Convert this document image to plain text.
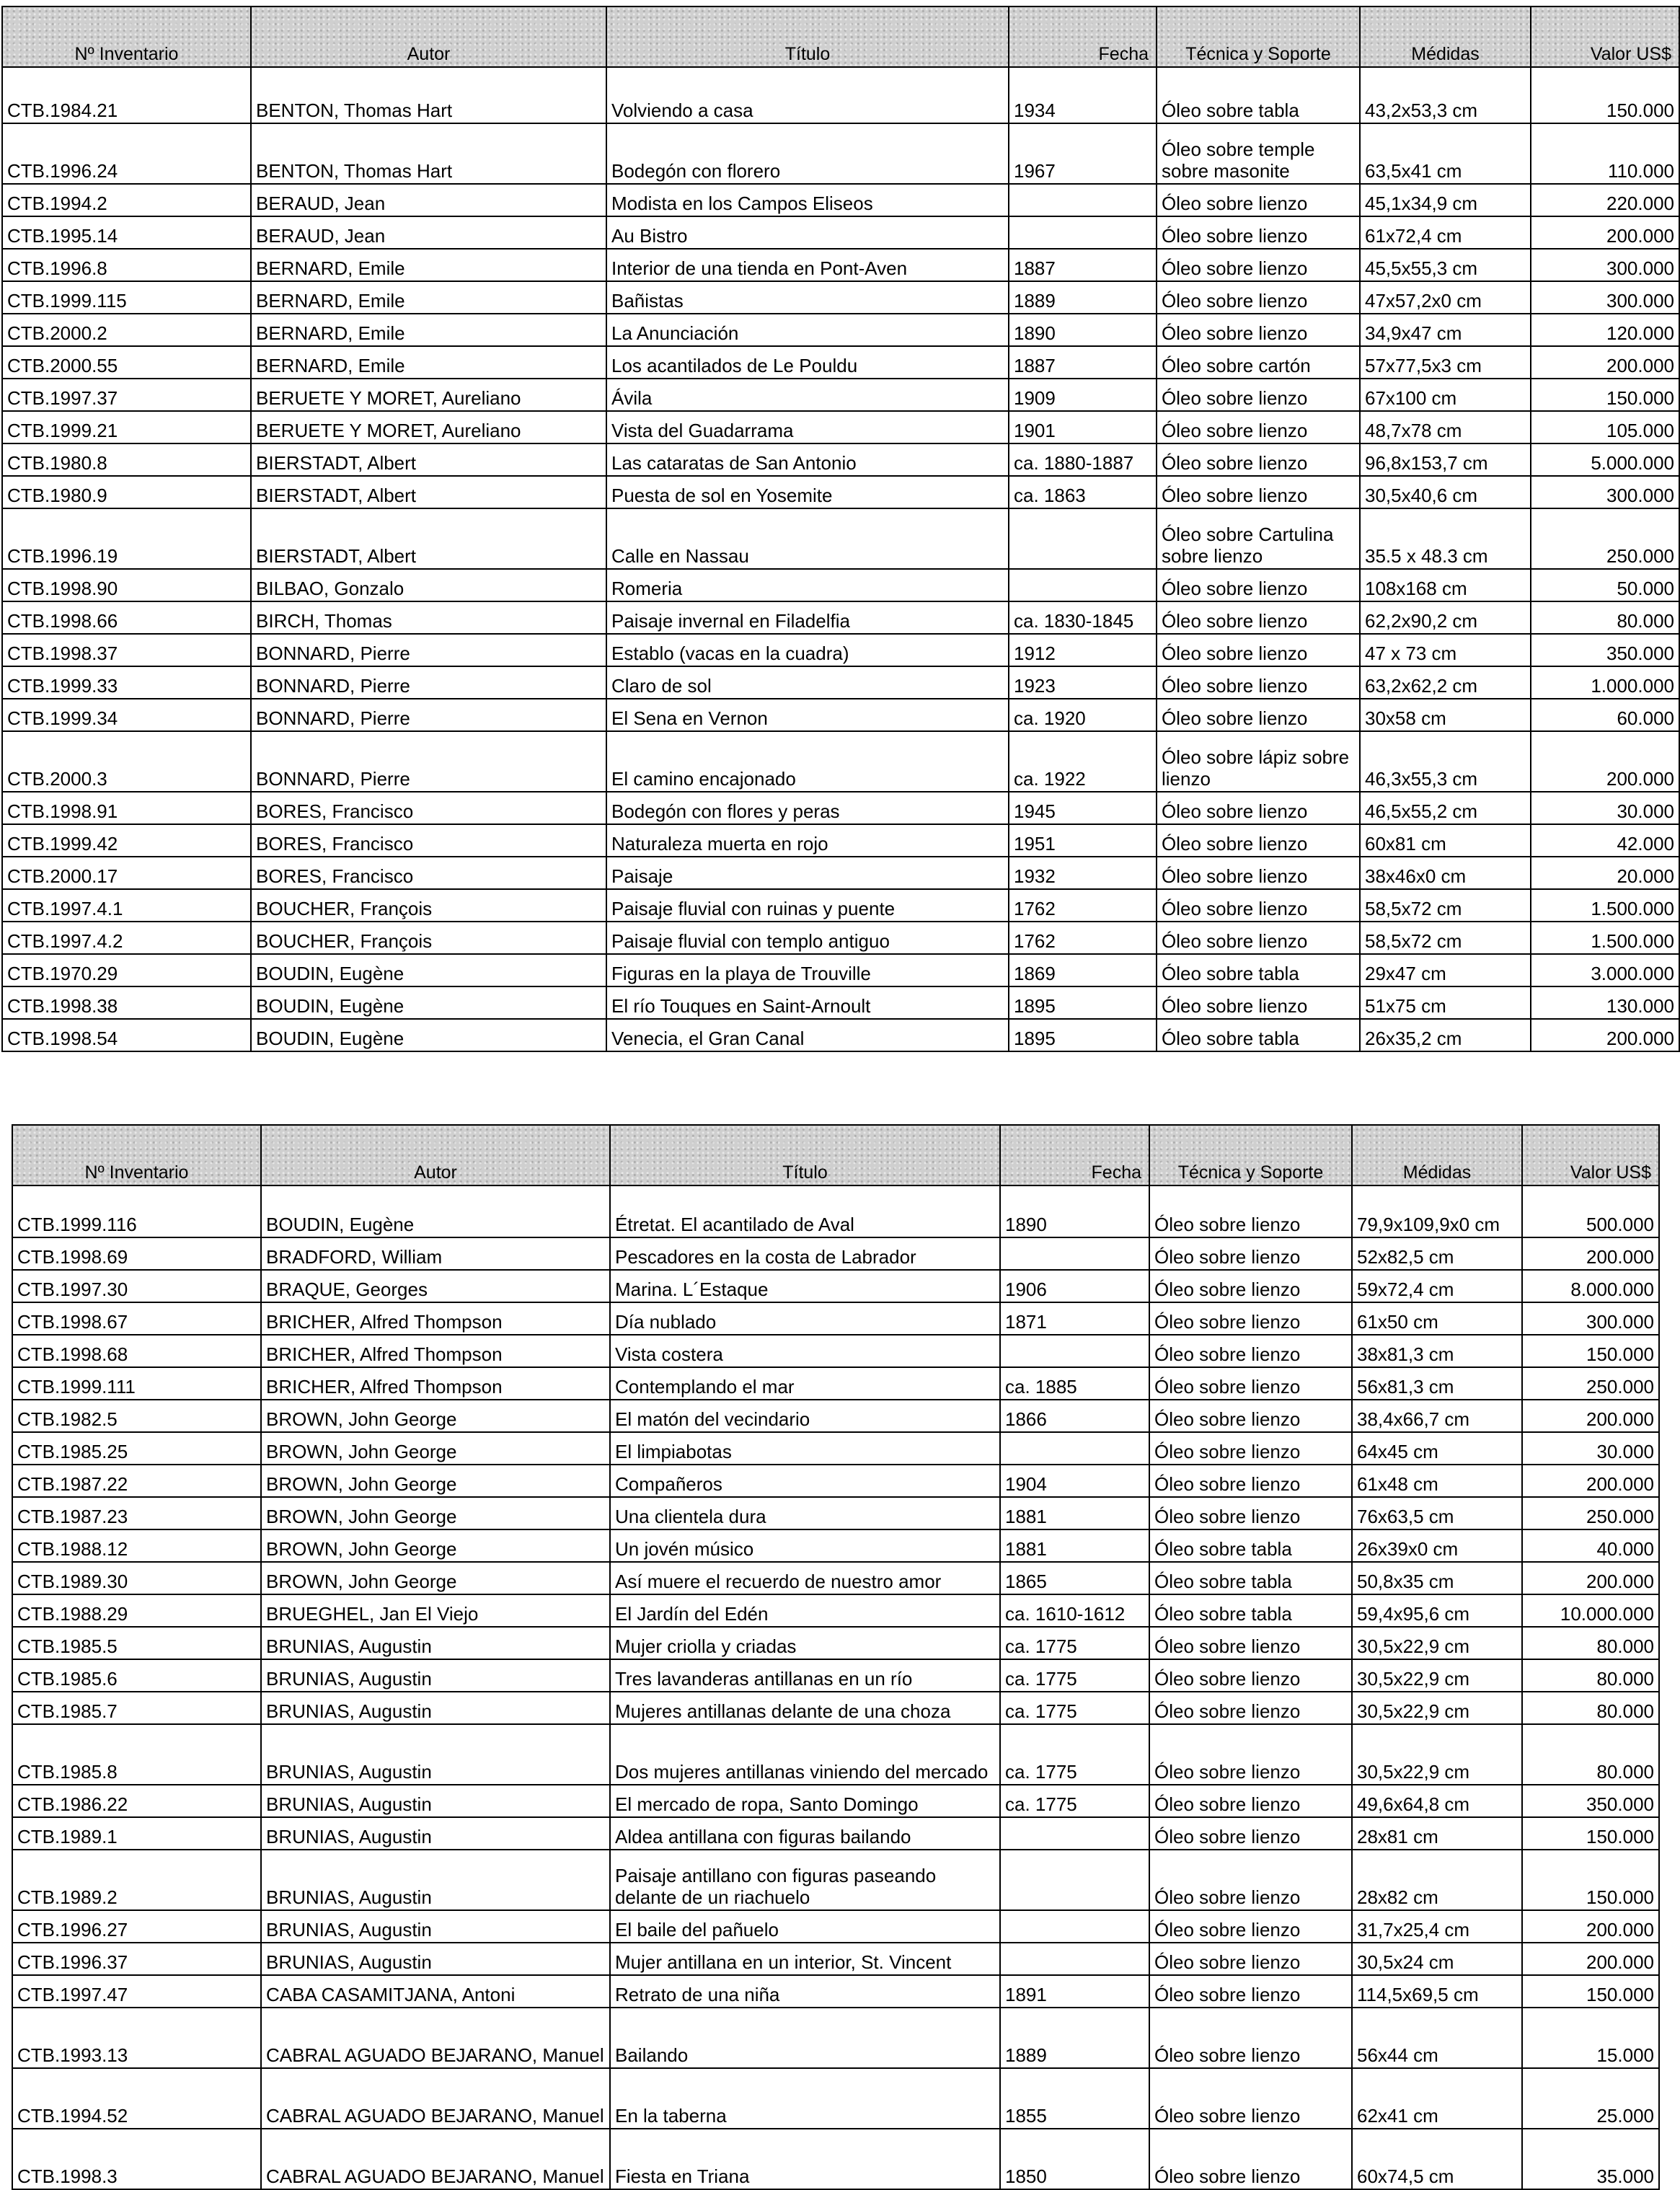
Nº Inventario	Autor	Título	Fecha	Técnica y Soporte	Médidas	Valor US$
CTB.1984.21	BENTON, Thomas Hart	Volviendo a casa	1934	Óleo sobre tabla	43,2x53,3 cm	150.000
CTB.1996.24	BENTON, Thomas Hart	Bodegón con florero	1967	Óleo sobre temple sobre masonite	63,5x41 cm	110.000
CTB.1994.2	BERAUD, Jean	Modista en los Campos Eliseos		Óleo sobre lienzo	45,1x34,9 cm	220.000
CTB.1995.14	BERAUD, Jean	Au Bistro		Óleo sobre lienzo	61x72,4 cm	200.000
CTB.1996.8	BERNARD, Emile	Interior de una tienda en Pont-Aven	1887	Óleo sobre lienzo	45,5x55,3 cm	300.000
CTB.1999.115	BERNARD, Emile	Bañistas	1889	Óleo sobre lienzo	47x57,2x0 cm	300.000
CTB.2000.2	BERNARD, Emile	La Anunciación	1890	Óleo sobre lienzo	34,9x47 cm	120.000
CTB.2000.55	BERNARD, Emile	Los acantilados de Le Pouldu	1887	Óleo sobre cartón	57x77,5x3 cm	200.000
CTB.1997.37	BERUETE Y MORET, Aureliano	Ávila	1909	Óleo sobre lienzo	67x100 cm	150.000
CTB.1999.21	BERUETE Y MORET, Aureliano	Vista del Guadarrama	1901	Óleo sobre lienzo	48,7x78 cm	105.000
CTB.1980.8	BIERSTADT, Albert	Las cataratas de San Antonio	ca. 1880-1887	Óleo sobre lienzo	96,8x153,7 cm	5.000.000
CTB.1980.9	BIERSTADT, Albert	Puesta de sol en Yosemite	ca. 1863	Óleo sobre lienzo	30,5x40,6 cm	300.000
CTB.1996.19	BIERSTADT, Albert	Calle en Nassau		Óleo sobre Cartulina sobre lienzo	35.5 x 48.3 cm	250.000
CTB.1998.90	BILBAO, Gonzalo	Romeria		Óleo sobre lienzo	108x168 cm	50.000
CTB.1998.66	BIRCH, Thomas	Paisaje invernal en Filadelfia	ca. 1830-1845	Óleo sobre lienzo	62,2x90,2 cm	80.000
CTB.1998.37	BONNARD, Pierre	Establo (vacas en la cuadra)	1912	Óleo sobre lienzo	47 x 73 cm	350.000
CTB.1999.33	BONNARD, Pierre	Claro de sol	1923	Óleo sobre lienzo	63,2x62,2 cm	1.000.000
CTB.1999.34	BONNARD, Pierre	El Sena en Vernon	ca. 1920	Óleo sobre lienzo	30x58 cm	60.000
CTB.2000.3	BONNARD, Pierre	El camino encajonado	ca. 1922	Óleo sobre lápiz sobre lienzo	46,3x55,3 cm	200.000
CTB.1998.91	BORES, Francisco	Bodegón con flores y peras	1945	Óleo sobre lienzo	46,5x55,2 cm	30.000
CTB.1999.42	BORES, Francisco	Naturaleza muerta en rojo	1951	Óleo sobre lienzo	60x81 cm	42.000
CTB.2000.17	BORES, Francisco	Paisaje	1932	Óleo sobre lienzo	38x46x0 cm	20.000
CTB.1997.4.1	BOUCHER, François	Paisaje fluvial con ruinas y puente	1762	Óleo sobre lienzo	58,5x72 cm	1.500.000
CTB.1997.4.2	BOUCHER, François	Paisaje fluvial con templo antiguo	1762	Óleo sobre lienzo	58,5x72 cm	1.500.000
CTB.1970.29	BOUDIN, Eugène	Figuras en la playa de Trouville	1869	Óleo sobre tabla	29x47 cm	3.000.000
CTB.1998.38	BOUDIN, Eugène	El río Touques en Saint-Arnoult	1895	Óleo sobre lienzo	51x75 cm	130.000
CTB.1998.54	BOUDIN, Eugène	Venecia, el Gran Canal	1895	Óleo sobre tabla	26x35,2 cm	200.000
Nº Inventario	Autor	Título	Fecha	Técnica y Soporte	Médidas	Valor US$
CTB.1999.116	BOUDIN, Eugène	Étretat. El acantilado de Aval	1890	Óleo sobre lienzo	79,9x109,9x0 cm	500.000
CTB.1998.69	BRADFORD, William	Pescadores en la costa de Labrador		Óleo sobre lienzo	52x82,5 cm	200.000
CTB.1997.30	BRAQUE, Georges	Marina. L´Estaque	1906	Óleo sobre lienzo	59x72,4 cm	8.000.000
CTB.1998.67	BRICHER, Alfred Thompson	Día nublado	1871	Óleo sobre lienzo	61x50 cm	300.000
CTB.1998.68	BRICHER, Alfred Thompson	Vista costera		Óleo sobre lienzo	38x81,3 cm	150.000
CTB.1999.111	BRICHER, Alfred Thompson	Contemplando el mar	ca. 1885	Óleo sobre lienzo	56x81,3 cm	250.000
CTB.1982.5	BROWN, John George	El matón del vecindario	1866	Óleo sobre lienzo	38,4x66,7 cm	200.000
CTB.1985.25	BROWN, John George	El limpiabotas		Óleo sobre lienzo	64x45 cm	30.000
CTB.1987.22	BROWN, John George	Compañeros	1904	Óleo sobre lienzo	61x48 cm	200.000
CTB.1987.23	BROWN, John George	Una clientela dura	1881	Óleo sobre lienzo	76x63,5 cm	250.000
CTB.1988.12	BROWN, John George	Un jovén músico	1881	Óleo sobre tabla	26x39x0 cm	40.000
CTB.1989.30	BROWN, John George	Así muere el recuerdo de nuestro amor	1865	Óleo sobre tabla	50,8x35 cm	200.000
CTB.1988.29	BRUEGHEL, Jan El Viejo	El Jardín del Edén	ca. 1610-1612	Óleo sobre tabla	59,4x95,6 cm	10.000.000
CTB.1985.5	BRUNIAS, Augustin	Mujer criolla y criadas	ca. 1775	Óleo sobre lienzo	30,5x22,9 cm	80.000
CTB.1985.6	BRUNIAS, Augustin	Tres lavanderas antillanas en un río	ca. 1775	Óleo sobre lienzo	30,5x22,9 cm	80.000
CTB.1985.7	BRUNIAS, Augustin	Mujeres antillanas delante de una choza	ca. 1775	Óleo sobre lienzo	30,5x22,9 cm	80.000
CTB.1985.8	BRUNIAS, Augustin	Dos mujeres antillanas viniendo del mercado	ca. 1775	Óleo sobre lienzo	30,5x22,9 cm	80.000
CTB.1986.22	BRUNIAS, Augustin	El mercado de ropa, Santo Domingo	ca. 1775	Óleo sobre lienzo	49,6x64,8 cm	350.000
CTB.1989.1	BRUNIAS, Augustin	Aldea antillana con figuras bailando		Óleo sobre lienzo	28x81 cm	150.000
CTB.1989.2	BRUNIAS, Augustin	Paisaje antillano con figuras paseando delante de un riachuelo		Óleo sobre lienzo	28x82 cm	150.000
CTB.1996.27	BRUNIAS, Augustin	El baile del pañuelo		Óleo sobre lienzo	31,7x25,4 cm	200.000
CTB.1996.37	BRUNIAS, Augustin	Mujer antillana en un interior, St. Vincent		Óleo sobre lienzo	30,5x24 cm	200.000
CTB.1997.47	CABA CASAMITJANA, Antoni	Retrato de una niña	1891	Óleo sobre lienzo	114,5x69,5 cm	150.000
CTB.1993.13	CABRAL AGUADO BEJARANO, Manuel	Bailando	1889	Óleo sobre lienzo	56x44 cm	15.000
CTB.1994.52	CABRAL AGUADO BEJARANO, Manuel	En la taberna	1855	Óleo sobre lienzo	62x41 cm	25.000
CTB.1998.3	CABRAL AGUADO BEJARANO, Manuel	Fiesta en Triana	1850	Óleo sobre lienzo	60x74,5 cm	35.000
